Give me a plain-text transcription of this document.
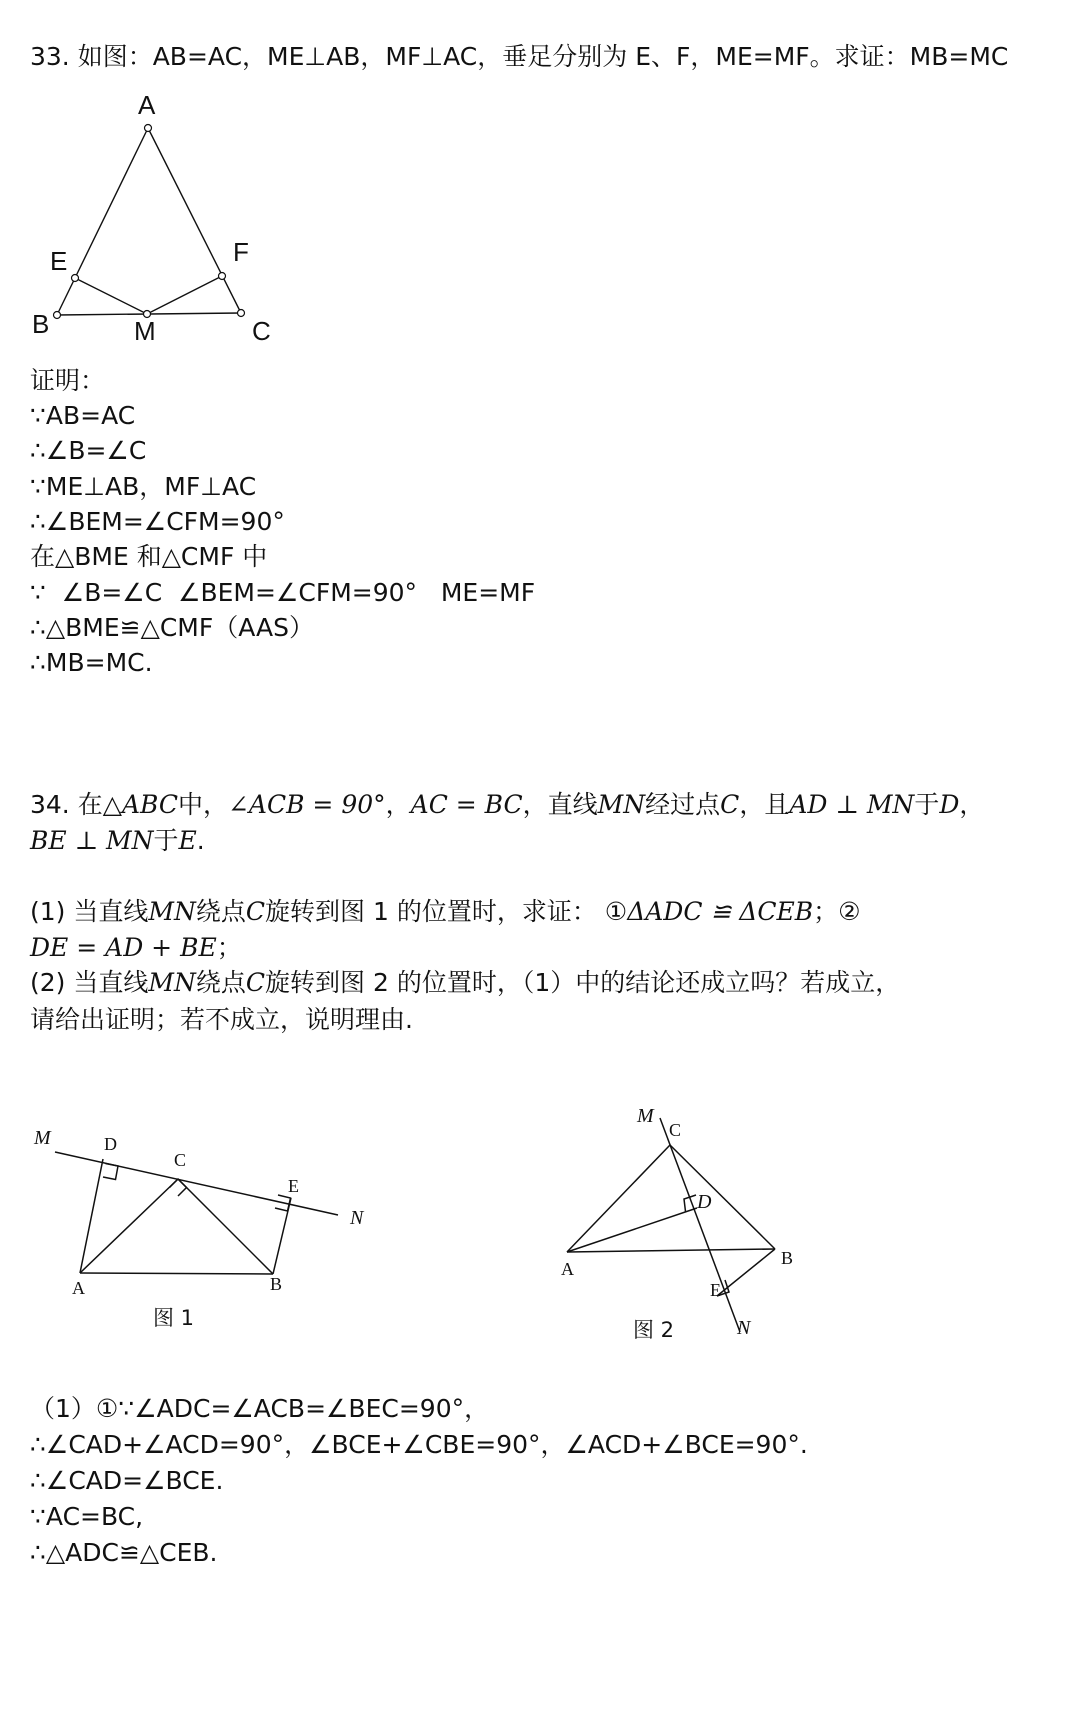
33. 如图：AB=AC，ME⊥AB，MF⊥AC，垂足分别为 E、F，ME=MF。求证：MB=MC
A
E	F
B	M	C
证明：
∵AB=AC
∴∠B=∠C
∵ME⊥AB，MF⊥AC
∴∠BEM=∠CFM=90°
在△BME 和△CMF 中
∵  ∠B=∠C  ∠BEM=∠CFM=90°   ME=MF
∴△BME≌△CMF（AAS）
∴MB=MC.
34. 在△ABC中，∠ACB = 90°，AC = BC，直线MN经过点C，且AD ⊥ MN于D，
BE ⊥ MN于E.
(1) 当直线MN绕点C旋转到图 1 的位置时，求证： ①ΔADC ≌ ΔCEB；②
DE = AD + BE；
(2) 当直线MN绕点C旋转到图 2 的位置时，（1）中的结论还成立吗？若成立，
请给出证明；若不成立，说明理由.
M	D
C
E
N
A	B
图 1
M
C
D
B
A
E
N
图 2
（1）①∵∠ADC=∠ACB=∠BEC=90°，
∴∠CAD+∠ACD=90°，∠BCE+∠CBE=90°，∠ACD+∠BCE=90°.
∴∠CAD=∠BCE.
∵AC=BC,
∴△ADC≌△CEB.
